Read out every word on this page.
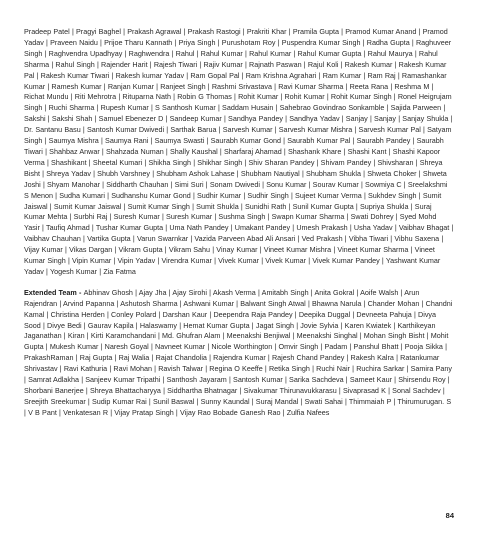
Pradeep Patel | Pragyi Baghel | Prakash Agrawal | Prakash Rastogi | Prakriti Khar | Pramila Gupta | Pramod Kumar Anand | Pramod Yadav | Praveen Naidu | Prijoe Tharu Kannath | Priya Singh | Purushotam Roy | Puspendra Kumar Singh | Radha Gupta | Raghuveer Singh | Raghvendra Upadhyay | Raghwendra | Rahul | Rahul Kumar | Rahul Kumar | Rahul Kumar Gupta | Rahul Maurya | Rahul Sharma | Rahul Singh | Rajender Harit | Rajesh Tiwari | Rajiv Kumar | Rajnath Paswan | Rajul Koli | Rakesh Kumar | Rakesh Kumar Pal | Rakesh Kumar Tiwari | Rakesh kumar Yadav | Ram Gopal Pal | Ram Krishna Agrahari | Ram Kumar | Ram Raj | Ramashankar Kumar | Ramesh Kumar | Ranjan Kumar | Ranjeet Singh | Rashmi Srivastava | Ravi Kumar Sharma | Reeta Rana | Reshma M | Richat Mundu | Riti Mehrotra | Rituparna Nath | Robin G Thomas | Rohit Kumar | Rohit Kumar | Rohit Kumar Singh | Ronel Heigrujam Singh | Ruchi Sharma | Rupesh Kumar | S Santhosh Kumar | Saddam Husain | Sahebrao Govindrao Sonkamble | Sajida Parween | Sakshi | Sakshi Shah | Samuel Ebenezer D | Sandeep Kumar | Sandhya Pandey | Sandhya Yadav | Sanjay | Sanjay | Sanjay Shukla | Dr. Santanu Basu | Santosh Kumar Dwivedi | Sarthak Barua | Sarvesh Kumar | Sarvesh Kumar Mishra | Sarvesh Kumar Pal | Satyam Singh | Saumya Mishra | Saumya Rani | Saumya Swasti | Saurabh Kumar Gond | Saurabh Kumar Pal | Saurabh Pandey | Saurabh Tiwari | Shahbaz Anwar | Shahzada Numan | Shally Kaushal | Sharfaraj Ahamad | Shashank Khare | Shashi Kant | Shashi Kapoor Verma | Shashikant | Sheetal Kumari | Shikha Singh | Shikhar Singh | Shiv Sharan Pandey | Shivam Pandey | Shivsharan | Shreya Bisht | Shreya Yadav | Shubh Varshney | Shubham Ashok Lahase | Shubham Nautiyal | Shubham Shukla | Shweta Choker | Shweta Joshi | Shyam Manohar | Siddharth Chauhan | Simi Suri | Sonam Dwivedi | Sonu Kumar | Sourav Kumar | Sowmiya C | Sreelakshmi S Menon | Sudha Kumari | Sudhanshu Kumar Gond | Sudhir Kumar | Sudhir Singh | Sujeet Kumar Verma | Sukhdev Singh | Sumit Jaiswal | Sumit Kumar Jaiswal | Sumit Kumar Singh | Sumit Shukla | Sunidhi Rath | Sunil Kumar Gupta | Supriya Shukla | Suraj Kumar Mehta | Surbhi Raj | Suresh Kumar | Suresh Kumar | Sushma Singh | Swapn Kumar Sharma | Swati Dohrey | Syed Mohd Yasir | Taufiq Ahmad | Tushar Kumar Gupta | Uma Nath Pandey | Umakant Pandey | Umesh Prakash | Usha Yadav | Vaibhav Bhagat | Vaibhav Chauhan | Vartika Gupta | Varun Swarnkar | Vazida Parveen Abad Ali Ansari | Ved Prakash | Vibha Tiwari | Vibhu Saxena | Vijay Kumar | Vikas Dargan | Vikram Gupta | Vikram Sahu | Vinay Kumar | Vineet Kumar Mishra | Vineet Kumar Sharma | Vineet Kumar Singh | Vipin Kumar | Vipin Yadav | Virendra Kumar | Vivek Kumar | Vivek Kumar | Vivek Kumar Pandey | Yashwant Kumar Yadav | Yogesh Kumar | Zia Fatma

Extended Team - Abhinav Ghosh | Ajay Jha | Ajay Sirohi | Akash Verma | Amitabh Singh | Anita Gokral | Aoife Walsh | Arun Rajendran | Arvind Papanna | Ashutosh Sharma | Ashwani Kumar | Balwant Singh Atwal | Bhawna Narula | Chander Mohan | Chandni Kamal | Christina Herden | Conley Polard | Darshan Kaur | Deependra Raja Pandey | Deepika Duggal | Devneeta Pahuja | Divya Sood | Divye Bedi | Gaurav Kapila | Halaswamy | Hemat Kumar Gupta | Jagat Singh | Jovie Sylvia | Karen Kwiatek | Karthikeyan Jaganathan | Kiran | Kirti Karamchandani | Md. Ghufran Alam | Meenakshi Benjiwal | Meenakshi Singhal | Mohan Singh Bisht | Mohit Gupta | Mukesh Kumar | Naresh Goyal | Navneet Kumar | Nicole Worthington | Omvir Singh | Padam | Panshul Bhatt | Pooja Sikka | PrakashRaman | Raj Gupta | Raj Walia | Rajat Chandolia | Rajendra Kumar | Rajesh Chand Pandey | Rakesh Kalra | Ratankumar Shrivastav | Ravi Kathuria | Ravi Mohan | Ravish Talwar | Regina O Keeffe | Retika Singh | Ruchi Nair | Ruchira Sarkar | Samira Pany | Samrat Adlakha | Sanjeev Kumar Tripathi | Santhosh Jayaram | Santosh Kumar | Sarika Sachdeva | Sameet Kaur | Shirsendu Roy | Shorbani Banerjee | Shreya Bhattacharyya | Siddhartha Bhatnagar | Sivakumar Thirunavukkarasu | Sivaprasad K | Sonal Sachdev | Sreejith Sreekumar | Sudip Kumar Rai | Sunil Baswal | Sunny Kaundal | Suraj Mandal | Swati Sahai | Thimmaiah P | Thirumurugan. S | V B Pant | Venkatesan R | Vijay Pratap Singh | Vijay Rao Bobade Ganesh Rao | Zulfia Nafees

84
